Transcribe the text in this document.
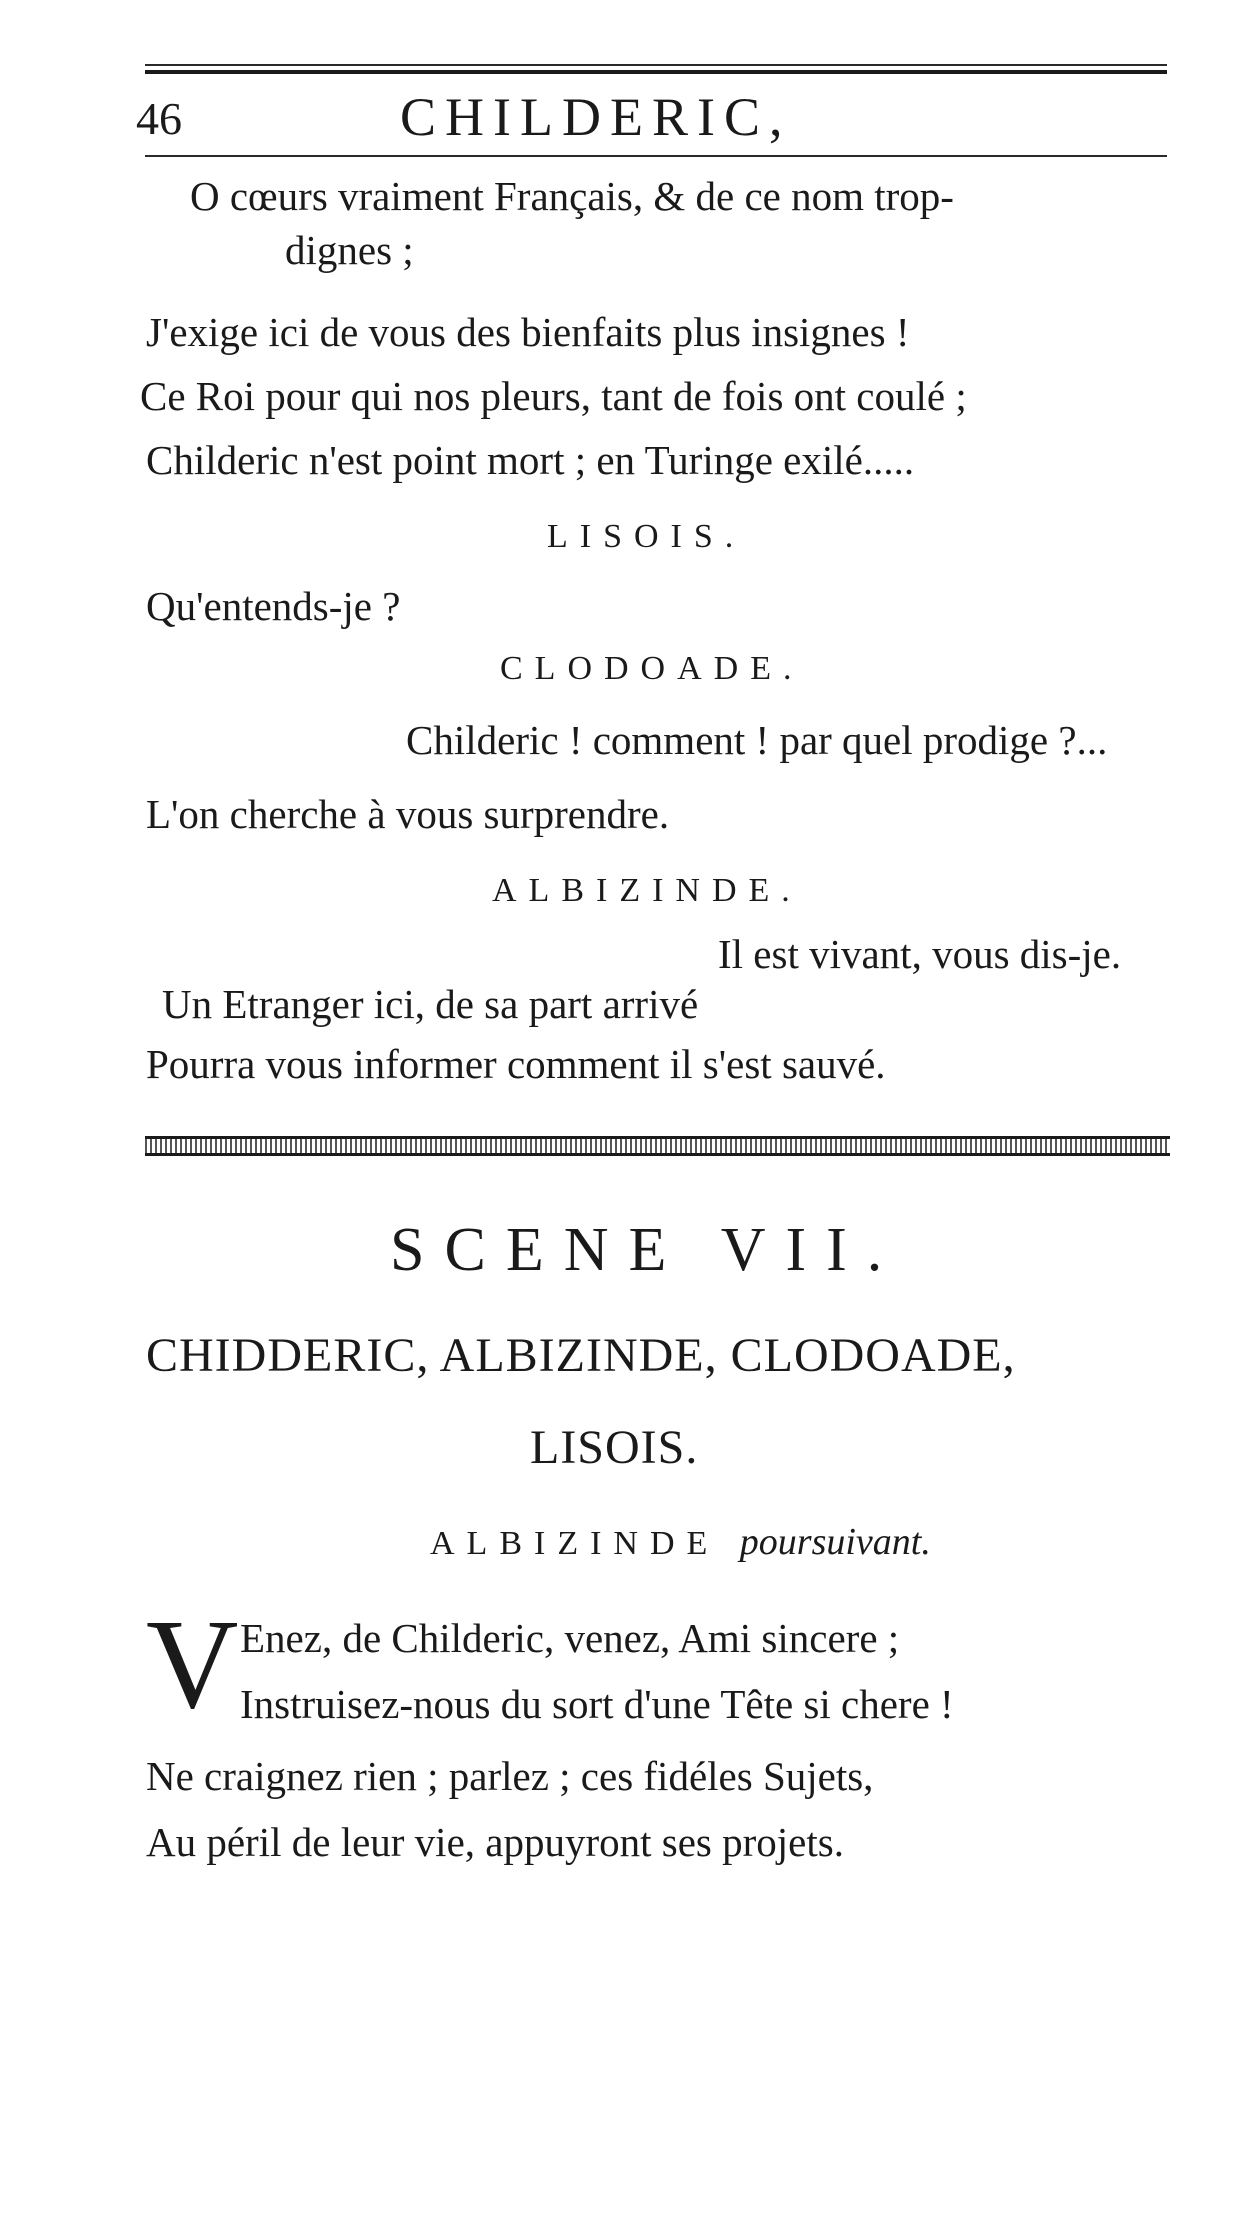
46	CHILDERIC,
O cœurs vraiment Français, & de ce nom trop-
dignes ;
J'exige ici de vous des bienfaits plus insignes !
Ce Roi pour qui nos pleurs, tant de fois ont coulé ;
Childeric n'est point mort ; en Turinge exilé.....
LISOIS.
Qu'entends-je ?
CLODOADE.
Childeric ! comment ! par quel prodige ?...
L'on cherche à vous surprendre.
ALBIZINDE.
Il est vivant, vous dis-je.
Un Etranger ici, de sa part arrivé
Pourra vous informer comment il s'est sauvé.
SCENE VII.
CHIDDERIC, ALBIZINDE, CLODOADE,
LISOIS.
ALBIZINDE poursuivant.
V Enez, de Childeric, venez, Ami sincere ;
Instruisez-nous du sort d'une Tête si chere !
Ne craignez rien ; parlez ; ces fidéles Sujets,
Au péril de leur vie, appuyront ses projets.
